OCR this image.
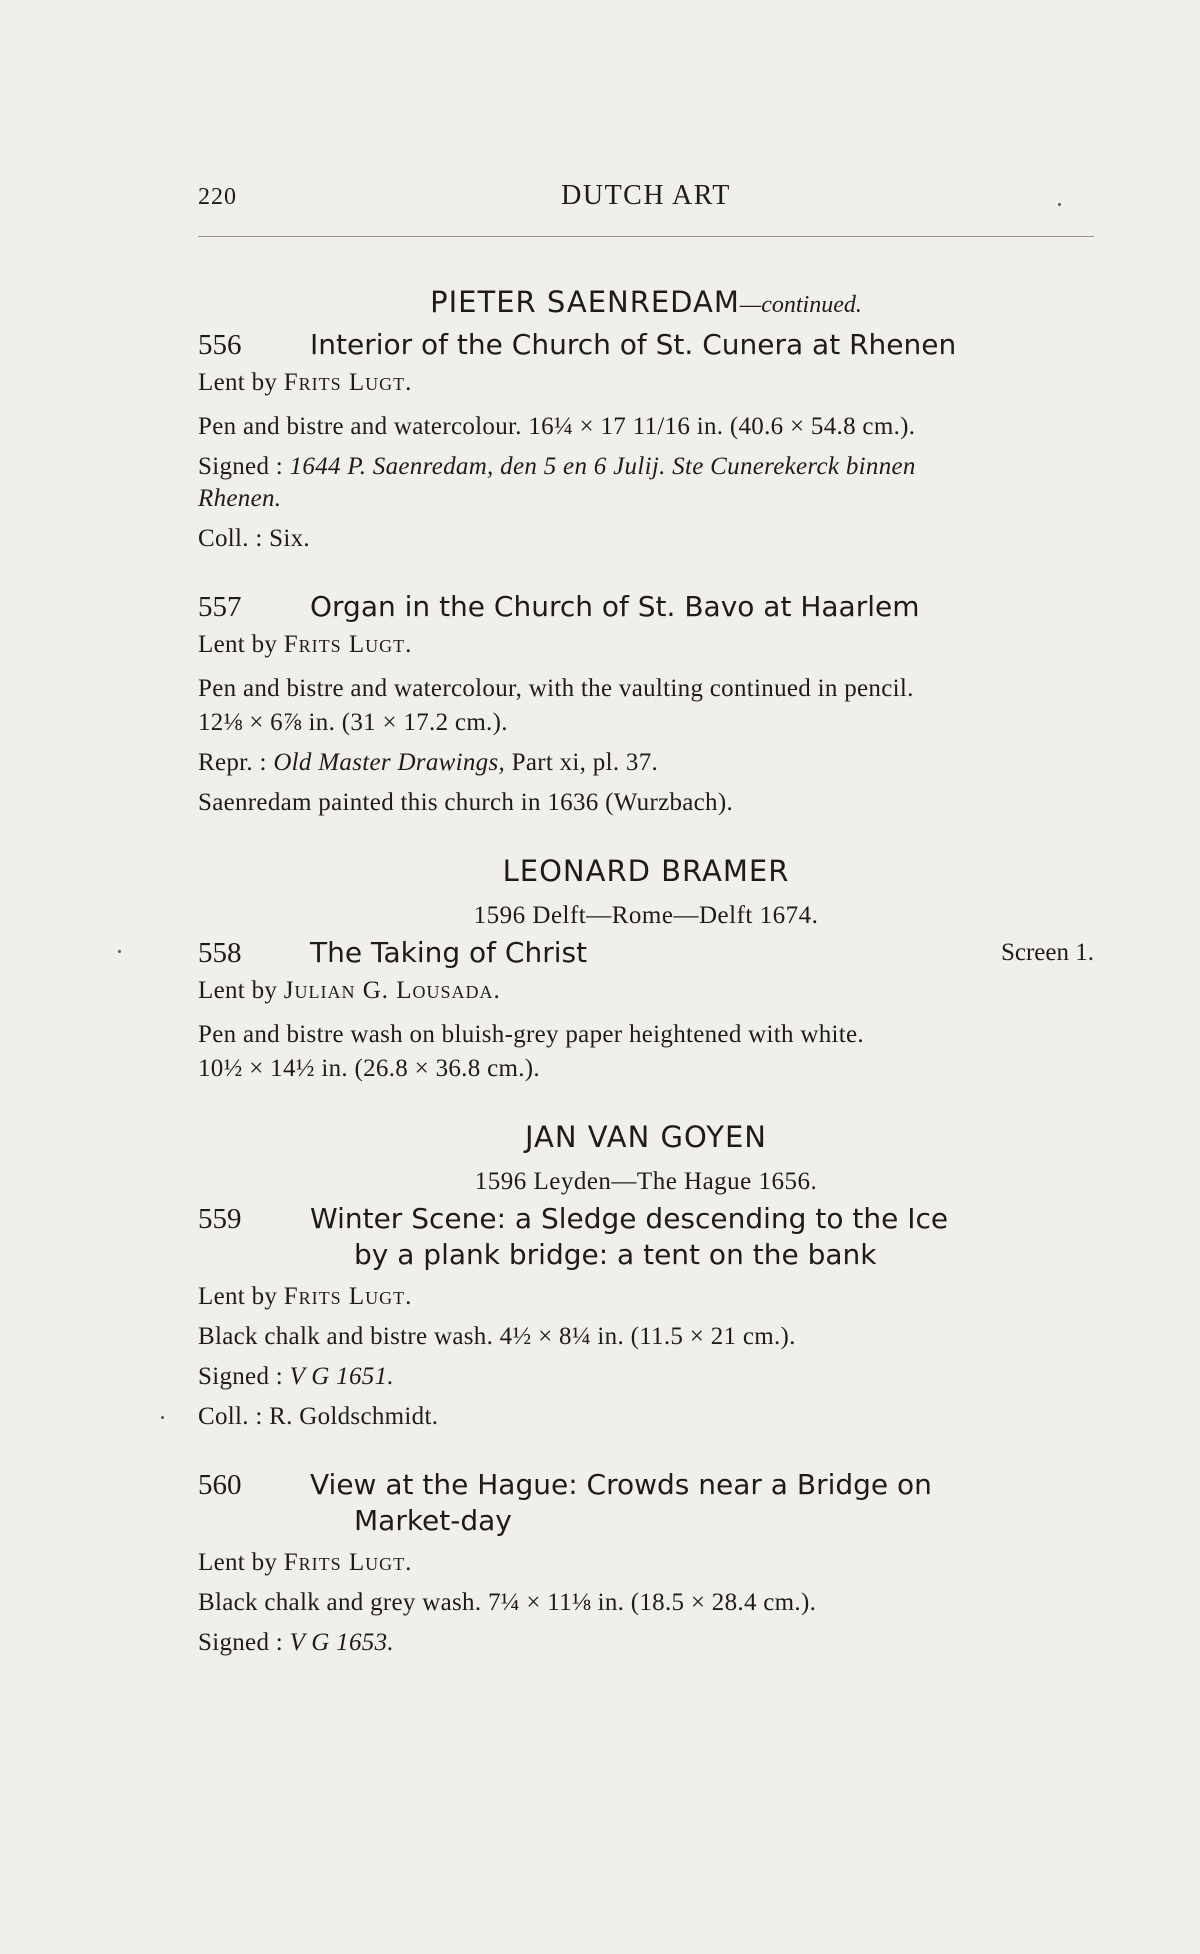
220	DUTCH ART
PIETER SAENREDAM—continued.
556 Interior of the Church of St. Cunera at Rhenen
Lent by Frits Lugt.
Pen and bistre and watercolour. 16¼ × 17 11/16 in. (40.6 × 54.8 cm.).
Signed : 1644 P. Saenredam, den 5 en 6 Julij. Ste Cunerekerck binnen
Rhenen.
Coll. : Six.
557 Organ in the Church of St. Bavo at Haarlem
Lent by Frits Lugt.
Pen and bistre and watercolour, with the vaulting continued in pencil.
12⅛ × 6⅞ in. (31 × 17.2 cm.).
Repr. : Old Master Drawings, Part xi, pl. 37.
Saenredam painted this church in 1636 (Wurzbach).
LEONARD BRAMER
1596 Delft—Rome—Delft 1674.
558 The Taking of Christ	Screen 1.
Lent by Julian G. Lousada.
Pen and bistre wash on bluish-grey paper heightened with white.
10½ × 14½ in. (26.8 × 36.8 cm.).
JAN VAN GOYEN
1596 Leyden—The Hague 1656.
559 Winter Scene: a Sledge descending to the Ice
by a plank bridge: a tent on the bank
Lent by Frits Lugt.
Black chalk and bistre wash. 4½ × 8¼ in. (11.5 × 21 cm.).
Signed : V G 1651.
Coll. : R. Goldschmidt.
560 View at the Hague: Crowds near a Bridge on
Market-day
Lent by Frits Lugt.
Black chalk and grey wash. 7¼ × 11⅛ in. (18.5 × 28.4 cm.).
Signed : V G 1653.
